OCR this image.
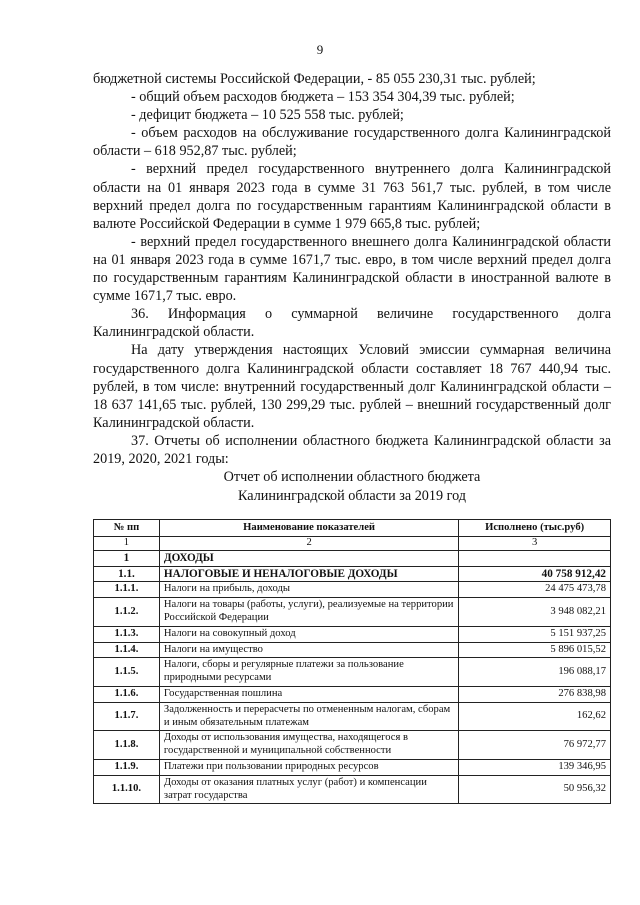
9

бюджетной системы Российской Федерации, - 85 055 230,31 тыс. рублей;

- общий объем расходов бюджета – 153 354 304,39 тыс. рублей;

- дефицит бюджета – 10 525 558 тыс. рублей;

- объем расходов на обслуживание государственного долга Калининградской области – 618 952,87 тыс. рублей;

- верхний предел государственного внутреннего долга Калининградской области на 01 января 2023 года в сумме 31 763 561,7 тыс. рублей, в том числе верхний предел долга по государственным гарантиям Калининградской области в валюте Российской Федерации в сумме 1 979 665,8 тыс. рублей;

- верхний предел государственного внешнего долга Калининградской области на 01 января 2023 года в сумме 1671,7 тыс. евро, в том числе верхний предел долга по государственным гарантиям Калининградской области в иностранной валюте в сумме 1671,7 тыс. евро.

36. Информация о суммарной величине государственного долга Калининградской области.

На дату утверждения настоящих Условий эмиссии суммарная величина государственного долга Калининградской области составляет 18 767 440,94 тыс. рублей, в том числе: внутренний государственный долг Калининградской области – 18 637 141,65 тыс. рублей, 130 299,29 тыс. рублей – внешний государственный долг Калининградской области.

37. Отчеты об исполнении областного бюджета Калининградской области за 2019, 2020, 2021 годы:

Отчет об исполнении областного бюджета
Калининградской области за 2019 год
№ пп	Наименование показателей	Исполнено (тыс.руб)
1	2	3
1	ДОХОДЫ	
1.1.	НАЛОГОВЫЕ И НЕНАЛОГОВЫЕ ДОХОДЫ	40 758 912,42
1.1.1.	Налоги на прибыль, доходы	24 475 473,78
1.1.2.	Налоги на товары (работы, услуги), реализуемые на территории Российской Федерации	3 948 082,21
1.1.3.	Налоги на совокупный доход	5 151 937,25
1.1.4.	Налоги на имущество	5 896 015,52
1.1.5.	Налоги, сборы и регулярные платежи за пользование природными ресурсами	196 088,17
1.1.6.	Государственная пошлина	276 838,98
1.1.7.	Задолженность и перерасчеты по отмененным налогам, сборам и иным обязательным платежам	162,62
1.1.8.	Доходы от использования имущества, находящегося в государственной и муниципальной собственности	76 972,77
1.1.9.	Платежи при пользовании природных ресурсов	139 346,95
1.1.10.	Доходы от оказания платных услуг (работ) и компенсации затрат государства	50 956,32
